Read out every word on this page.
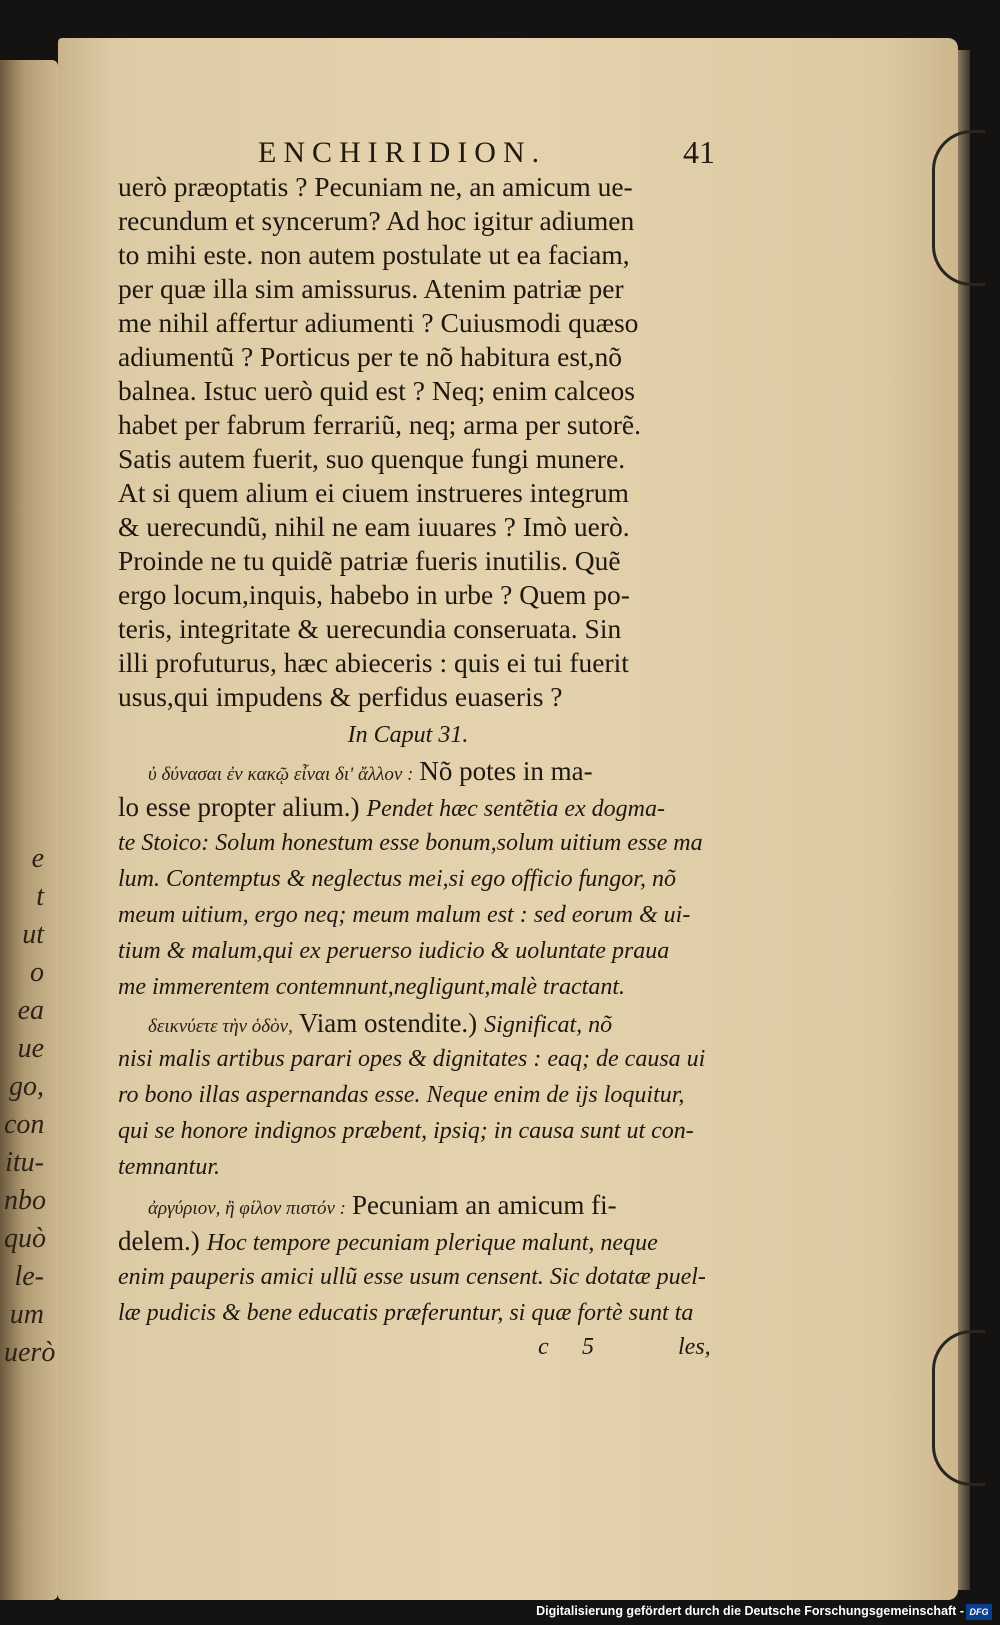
e
t
ut
o
ea
ue
go,
con
itu-
nbo
quò
le-
um
uerò
ENCHIRIDION.	41
uerò præoptatis ? Pecuniam ne, an amicum ue-
recundum et syncerum? Ad hoc igitur adiumen
to mihi este. non autem postulate ut ea faciam,
per quæ illa sim amissurus. Atenim patriæ per
me nihil affertur adiumenti ? Cuiusmodi quæso
adiumentũ ? Porticus per te nõ habitura est,nõ
balnea. Istuc uerò quid est ? Neq; enim calceos
habet per fabrum ferrariũ, neq; arma per sutorẽ.
Satis autem fuerit, suo quenque fungi munere.
At si quem alium ei ciuem instrueres integrum
& uerecundũ, nihil ne eam iuuares ? Imò uerò.
Proinde ne tu quidẽ patriæ fueris inutilis. Quẽ
ergo locum,inquis, habebo in urbe ? Quem po-
teris, integritate & uerecundia conseruata. Sin
illi profuturus, hæc abieceris : quis ei tui fuerit
usus,qui impudens & perfidus euaseris ?
In Caput 31.
ὐ δύνασαι ἐν κακῷ εἶναι δι' ἄλλον : Nõ potes in ma-
lo esse propter alium.) Pendet hæc sentẽtia ex dogma-
te Stoico: Solum honestum esse bonum,solum uitium esse ma
lum. Contemptus & neglectus mei,si ego officio fungor, nõ
meum uitium, ergo neq; meum malum est : sed eorum & ui-
tium & malum,qui ex peruerso iudicio & uoluntate praua
me immerentem contemnunt,negligunt,malè tractant.
δεικνύετε τὴν ὁδὸν, Viam ostendite.) Significat, nõ
nisi malis artibus parari opes & dignitates : eaq; de causa ui
ro bono illas aspernandas esse. Neque enim de ijs loquitur,
qui se honore indignos præbent, ipsiq; in causa sunt ut con-
temnantur.
ἀργύριον, ἢ φίλον πιστόν : Pecuniam an amicum fi-
delem.) Hoc tempore pecuniam plerique malunt, neque
enim pauperis amici ullũ esse usum censent. Sic dotatæ puel-
læ pudicis & bene educatis præferuntur, si quæ fortè sunt ta
c 5	les,
Digitalisierung gefördert durch die Deutsche Forschungsgemeinschaft - DFG
